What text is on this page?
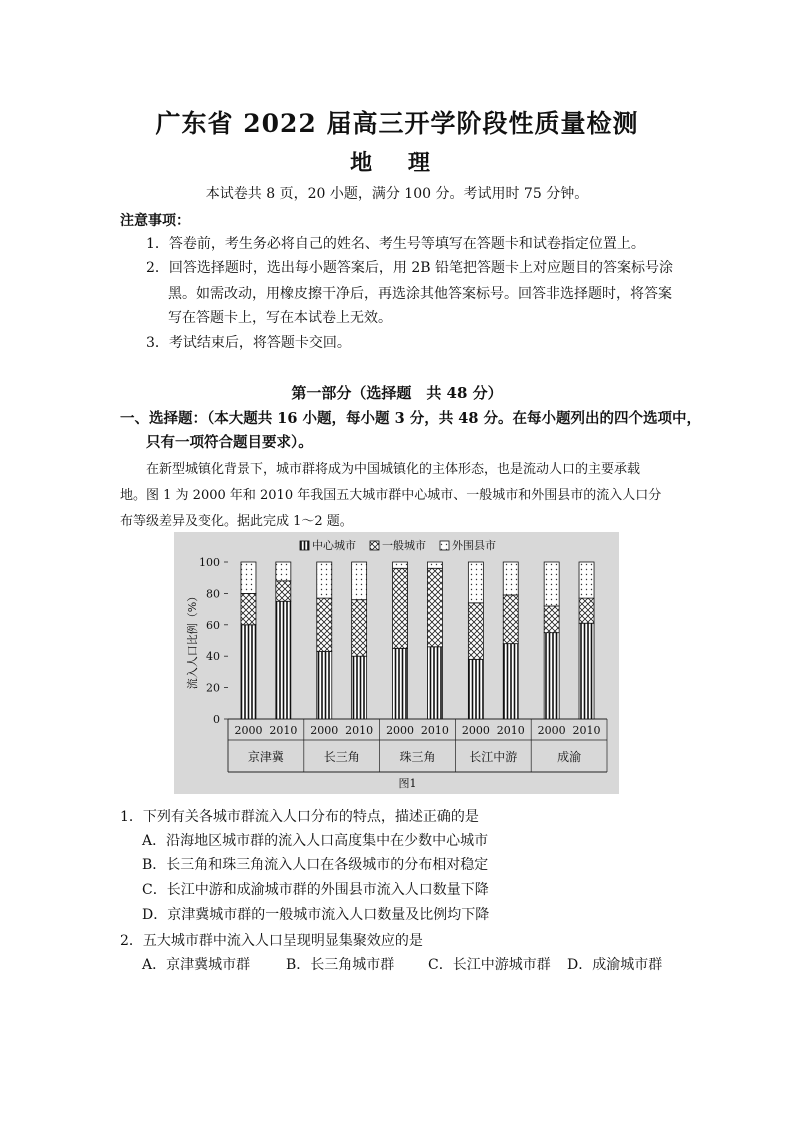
广东省 2022 届高三开学阶段性质量检测
地 理
本试卷共 8 页，20 小题，满分 100 分。考试用时 75 分钟。
注意事项：
1．答卷前，考生务必将自己的姓名、考生号等填写在答题卡和试卷指定位置上。
2．回答选择题时，选出每小题答案后，用 2B 铅笔把答题卡上对应题目的答案标号涂
黑。如需改动，用橡皮擦干净后，再选涂其他答案标号。回答非选择题时，将答案
写在答题卡上，写在本试卷上无效。
3．考试结束后，将答题卡交回。
第一部分（选择题　共 48 分）
一、选择题：（本大题共 16 小题，每小题 3 分，共 48 分。在每小题列出的四个选项中，
只有一项符合题目要求）。
在新型城镇化背景下，城市群将成为中国城镇化的主体形态，也是流动人口的主要承载
地。图 1 为 2000 年和 2010 年我国五大城市群中心城市、一般城市和外围县市的流入人口分
布等级差异及变化。据此完成 1～2 题。
0
20
40
60
80
100
流入人口比例（%）
2000 2010 2000 2010 2000 2010 2000 2010 2000 2010
京津冀	长三角	珠三角	长江中游	成渝
图1
中心城市 一般城市 外围县市
1．下列有关各城市群流入人口分布的特点，描述正确的是
A．沿海地区城市群的流入人口高度集中在少数中心城市
B．长三角和珠三角流入人口在各级城市的分布相对稳定
C．长江中游和成渝城市群的外围县市流入人口数量下降
D．京津冀城市群的一般城市流入人口数量及比例均下降
2．五大城市群中流入人口呈现明显集聚效应的是
A．京津冀城市群	B．长三角城市群 C．长江中游城市群 D．成渝城市群
